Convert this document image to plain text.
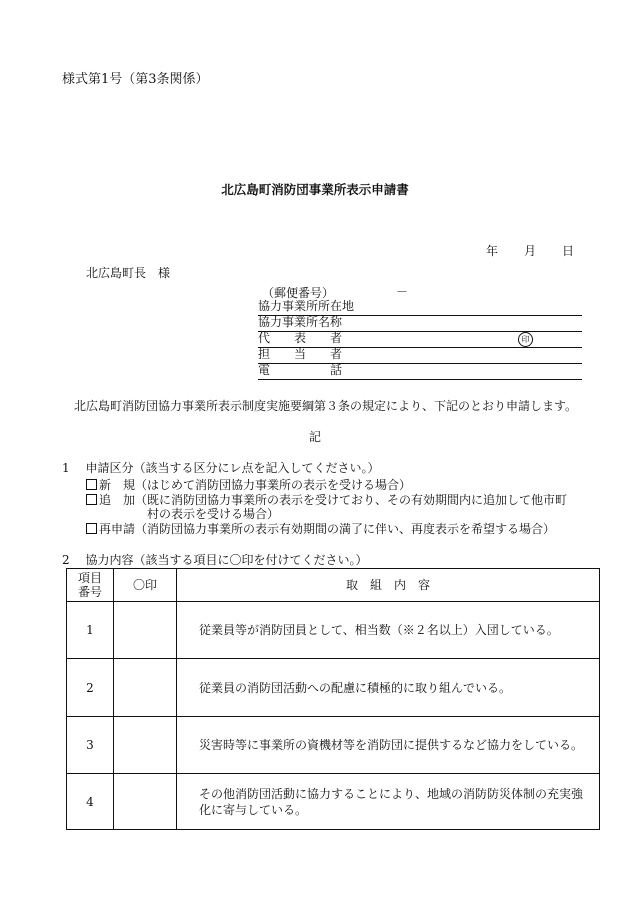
様式第1号（第3条関係）
北広島町消防団事業所表示申請書
年 月 日
北広島町長　様
（郵便番号）	－
協力事業所所在地
協力事業所名称
代　　表　　者	印
担　　当　　者
電　　　　　話
北広島町消防団協力事業所表示制度実施要綱第３条の規定により、下記のとおり申請します。
記
1　 申請区分（該当する区分にレ点を記入してください。）
新　規（はじめて消防団協力事業所の表示を受ける場合）
追　加（既に消防団協力事業所の表示を受けており、その有効期間内に追加して他市町
村の表示を受ける場合）
再申請（消防団協力事業所の表示有効期間の満了に伴い、再度表示を希望する場合）
2　 協力内容（該当する項目に〇印を付けてください。）
項目
番号	〇印	取　組　内　容
1		従業員等が消防団員として、相当数（※２名以上）入団している。
2		従業員の消防団活動への配慮に積極的に取り組んでいる。
3		災害時等に事業所の資機材等を消防団に提供するなど協力をしている。
4		その他消防団活動に協力することにより、地域の消防防災体制の充実強化に寄与している。
